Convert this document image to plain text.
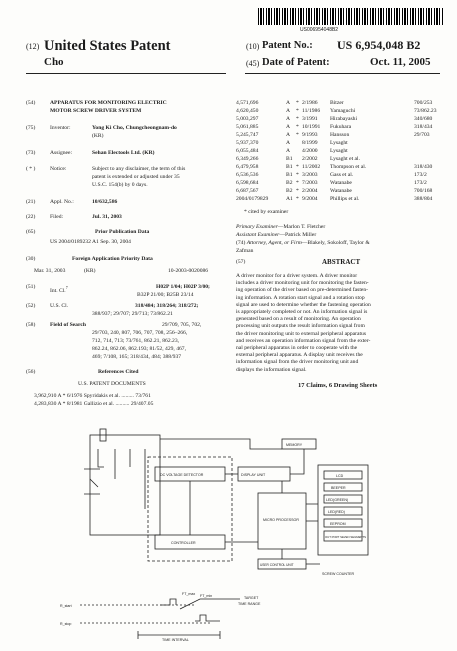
US006954048B2
(12) United States Patent
Cho
(10) Patent No.: US 6,954,048 B2
(45) Date of Patent:	Oct. 11, 2005
(54)	APPARATUS FOR MONITORING ELECTRIC
MOTOR SCREW DRIVER SYSTEM
(75)	Inventor:	Yong Ki Cho, Chungcheongnam-do
(KR)
(73)	Assignee:	Sehan Electools Ltd. (KR)
( * )	Notice:	Subject to any disclaimer, the term of this
patent is extended or adjusted under 35
U.S.C. 154(b) by 0 days.
(21)	Appl. No.:	10/632,586
(22)	Filed:	Jul. 31, 2003
(65)	Prior Publication Data
US 2004/0189232 A1 Sep. 30, 2004
(30)	Foreign Application Priority Data
Mar. 31, 2003	(KR)	10-2003-0020086
(51)
Int. Cl.$^7$	H02P 1/04; H02P 3/00;
B32P 21/00; B25B 23/14
(52)	U.S. Cl.	318/484; 318/264; 318/272;
388/937; 29/707; 29/713; 73/862.21
(58)	Field of Search	29/709, 705, 702,
29/703, 240, 807, 706, 707, 708, 256–266,
712, 714, 713; 73/761, 862.21, 862.23,
862.24, 862.06, 862.193; 81/52, 429, 467,
469; 7/108, 165; 318/434, 484; 388/937
(56)	References Cited
U.S. PATENT DOCUMENTS
3,962,910 A * 6/1976 Spyridakis et al. ......... 73/761
4,283,830 A * 8/1981 Gallizio et al. .......... 29/407.05
4,571,696	A * 2/1986 Bitzer	700/253
4,620,450	A * 11/1986 Yamaguchi	73/862.23
5,003,297	A * 3/1991 Hirabayashi	340/680
5,061,885	A * 10/1991 Fukuhara	318/434
5,245,747	A * 9/1993 Hansson	29/703
5,937,370	A 8/1999 Lysaght
6,055,484	A 4/2000 Lysaght
6,349,266	B1 2/2002 Lysaght et al.
6,479,958	B1 * 11/2002 Thompson et al.	318/430
6,536,536	B1 * 3/2003 Gass et al.	173/2
6,598,684	B2 * 7/2003 Watanabe	173/2
6,687,567	B2 * 2/2004 Watanabe	700/168
2004/0179829	A1 * 9/2004 Phillips et al.	388/804
* cited by examiner
Primary Examiner—Marlon T. Fletcher
Assistant Examiner—Patrick Miller
(74) Attorney, Agent, or Firm—Blakely, Sokoloff, Taylor &
Zafman
(57)	ABSTRACT
A driver monitor for a driver system. A driver monitor
includes a driver monitoring unit for monitoring the fasten-
ing operation of the driver based on pre-determined fasten-
ing information. A rotation start signal and a rotation stop
signal are used to determine whether the fastening operation
is appropriately completed or not. An information signal is
generated based on a result of monitoring. An operation
processing unit outputs the result information signal from
the driver monitoring unit to external peripheral apparatus
and receives an operation information signal from the exter-
nal peripheral apparatus in order to cooperate with the
external peripheral apparatus. A display unit receives the
information signal from the driver monitoring unit and
displays the information signal.
17 Claims, 6 Drawing Sheets
DC VOLTAGE DETECTOR
CONTROLLER
MEMORY
DISPLAY UNIT
MICRO PROCESSOR
LCD
BEEPER
LED(GREEN)
LED(RED)
EEPROM
OUT PORT SEVEN SEGMENTS
USER CONTROL UNIT
SCREW COUNTER
FT_max FT_min	TARGET
TIME RANGE
R_start
R_stop
TIME INTERVAL
